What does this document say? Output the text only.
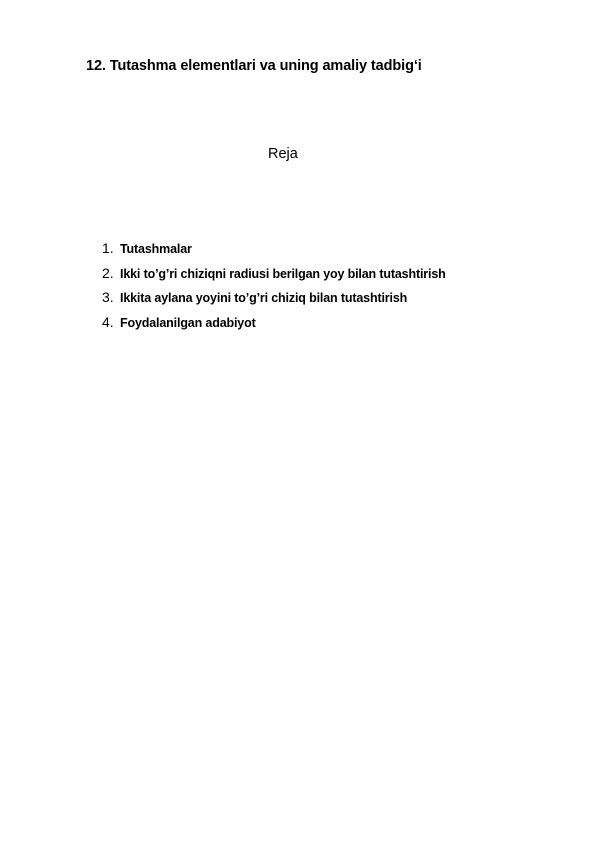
12. Tutashma elementlari va uning amaliy tadbig‘i
Reja
1. Tutashmalar
2. Ikki to’g’ri chiziqni radiusi berilgan yoy bilan tutashtirish
3. Ikkita aylana yoyini to’g’ri chiziq bilan tutashtirish
4. Foydalanilgan adabiyot
